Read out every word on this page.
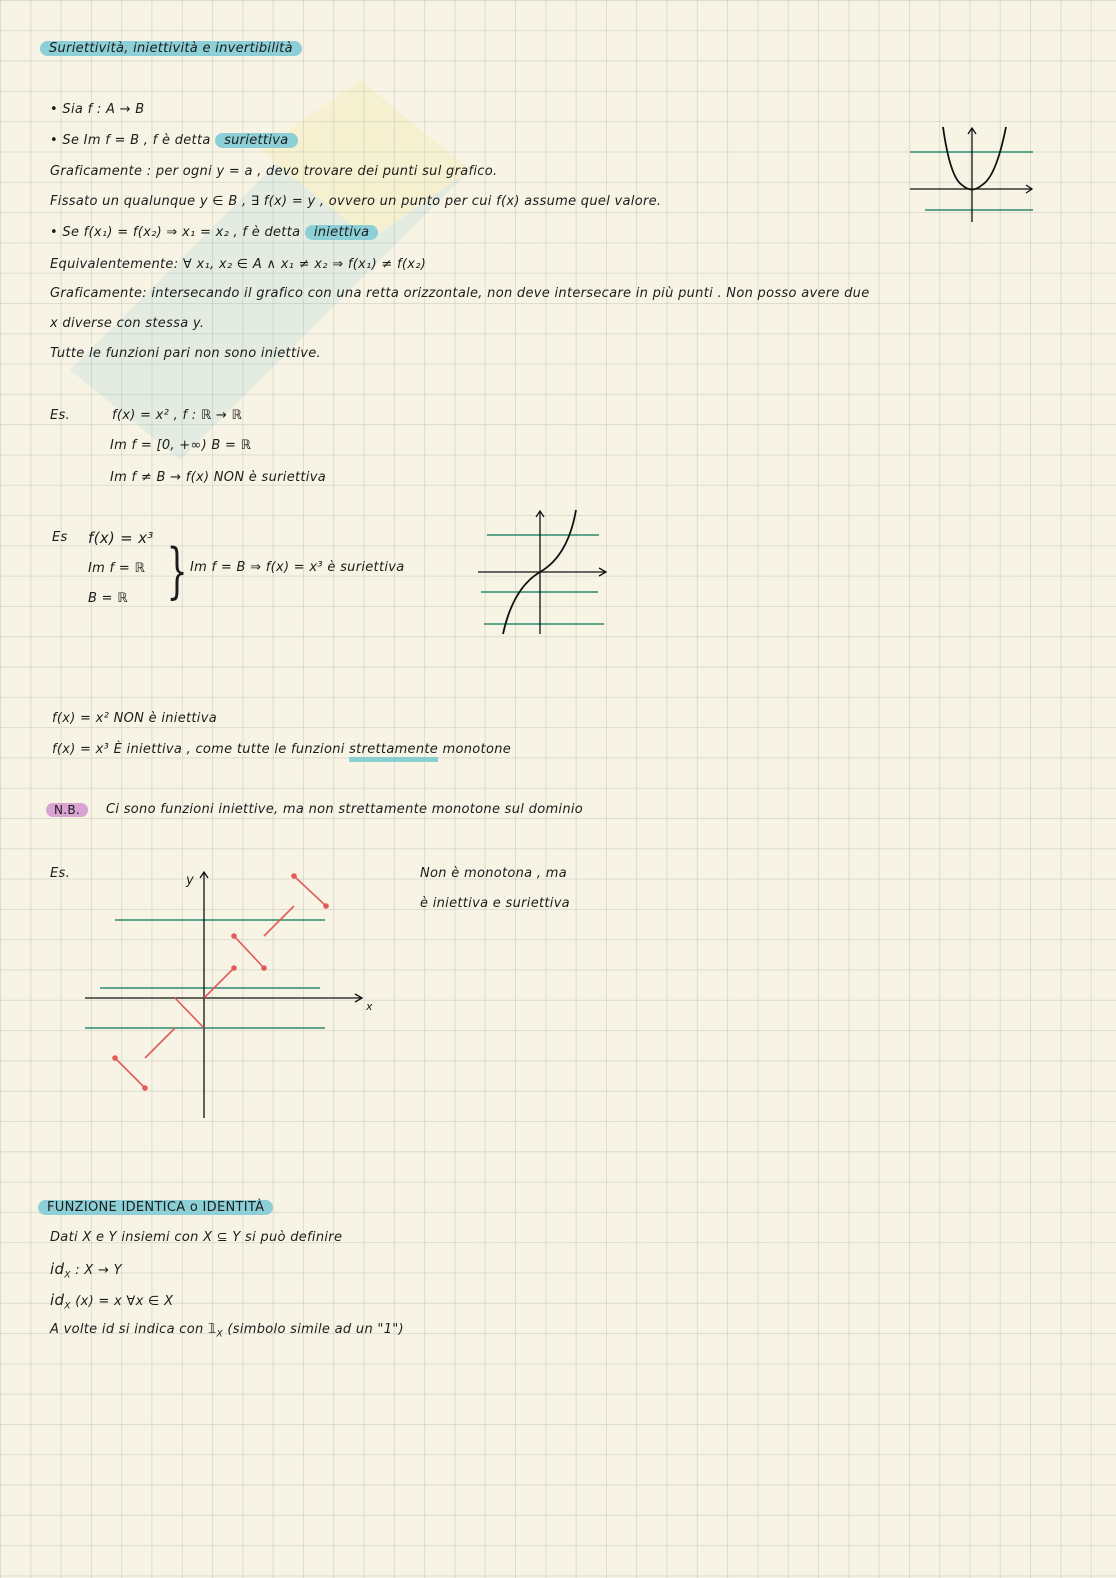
Suriettività, iniettività e invertibilità
• Sia f : A → B
• Se Im f = B , f è detta suriettiva
Graficamente : per ogni y = a , devo trovare dei punti sul grafico.
Fissato un qualunque y ∈ B , ∃ f(x) = y , ovvero un punto per cui f(x) assume quel valore.
• Se f(x₁) = f(x₂) ⇒ x₁ = x₂ , f è detta iniettiva
Equivalentemente: ∀ x₁, x₂ ∈ A ∧ x₁ ≠ x₂ ⇒ f(x₁) ≠ f(x₂)
Graficamente: intersecando il grafico con una retta orizzontale, non deve intersecare in più punti . Non posso avere due
x diverse con stessa y.
Tutte le funzioni pari non sono iniettive.
Es.	f(x) = x² , f : ℝ → ℝ
Im f = [0, +∞) B = ℝ
Im f ≠ B → f(x) NON è suriettiva
Es f(x) = x³
Im f = ℝ
B = ℝ } Im f = B ⇒ f(x) = x³ è suriettiva
f(x) = x² NON è iniettiva
f(x) = x³ È iniettiva , come tutte le funzioni strettamente monotone
N.B.	Ci sono funzioni iniettive, ma non strettamente monotone sul dominio
Es.	y
x
Non è monotona , ma
è iniettiva e suriettiva
FUNZIONE IDENTICA o IDENTITÀ
Dati X e Y insiemi con X ⊆ Y si può definire
$id_X$ : X → Y
$id_X$ (x) = x ∀x ∈ X
A volte id si indica con $𝟙_X$ (simbolo simile ad un "1")
